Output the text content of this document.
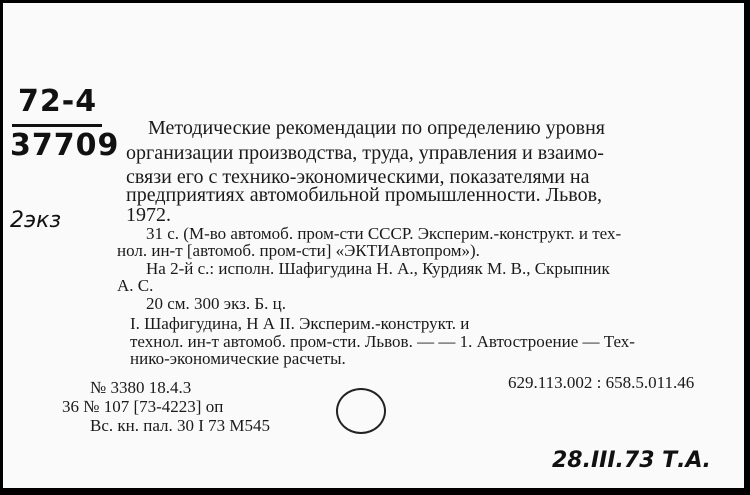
72-4
37709
2экз
Методические рекомендации по определению уровня
организации производства, труда, управления и взаимо-
связи его с технико-экономическими, показателями на
предприятиях автомобильной промышленности. Львов,
1972.
31 с. (М-во автомоб. пром-сти СССР. Эксперим.-конструкт. и тех-
нол. ин-т [автомоб. пром-сти] «ЭКТИАвтопром»).
На 2-й с.: исполн. Шафигудина Н. А., Курдияк М. В., Скрыпник
А. С.
20 см. 300 экз. Б. ц.
I. Шафигудина, Н А II. Эксперим.-конструкт. и
технол. ин-т автомоб. пром-сти. Львов. — — 1. Автостроение — Тех-
нико-экономические расчеты.
629.113.002 : 658.5.011.46
№ 3380 18.4.3
36 № 107 [73-4223] оп
Вс. кн. пал. 30 I 73 М545
28.III.73 Т.А.
